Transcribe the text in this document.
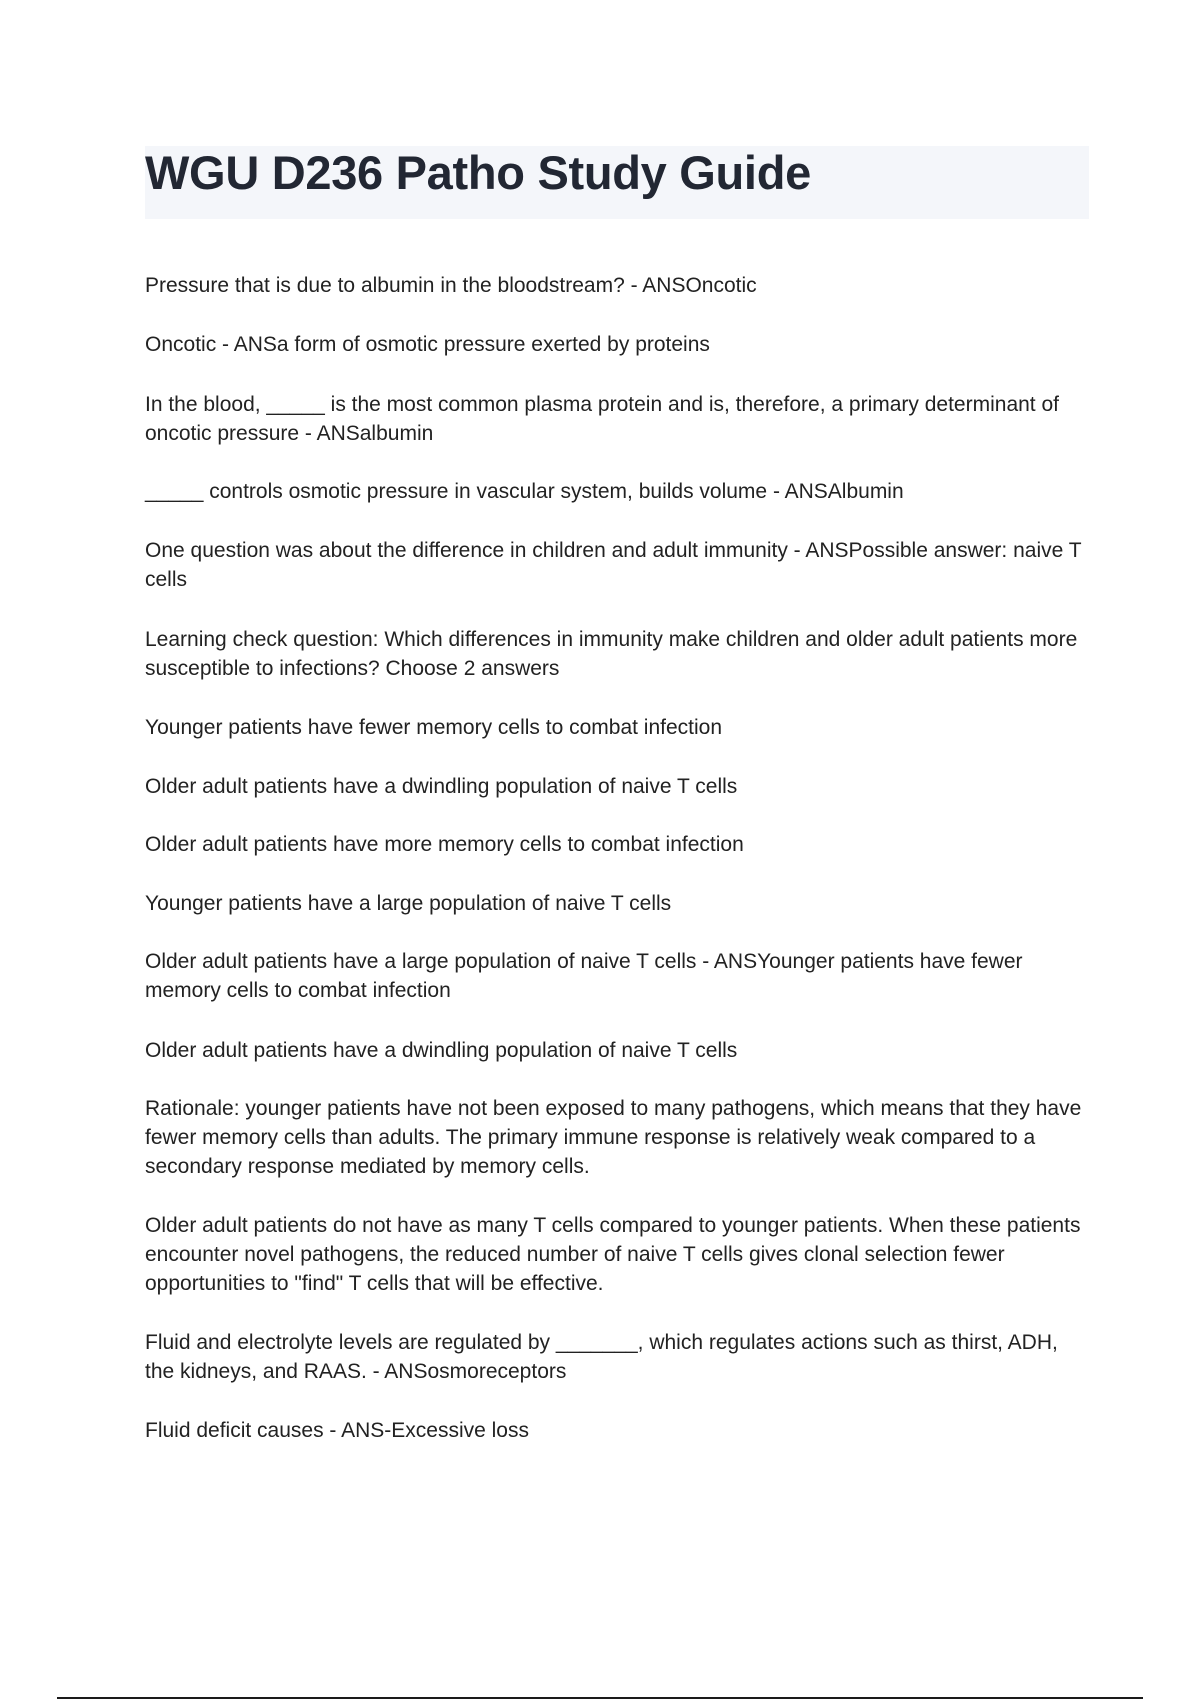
WGU D236 Patho Study Guide

Pressure that is due to albumin in the bloodstream? - ANSOncotic

Oncotic - ANSa form of osmotic pressure exerted by proteins

In the blood, _____ is the most common plasma protein and is, therefore, a primary determinant of oncotic pressure - ANSalbumin

_____ controls osmotic pressure in vascular system, builds volume - ANSAlbumin

One question was about the difference in children and adult immunity - ANSPossible answer: naive T cells

Learning check question: Which differences in immunity make children and older adult patients more susceptible to infections? Choose 2 answers

Younger patients have fewer memory cells to combat infection

Older adult patients have a dwindling population of naive T cells

Older adult patients have more memory cells to combat infection

Younger patients have a large population of naive T cells

Older adult patients have a large population of naive T cells - ANSYounger patients have fewer memory cells to combat infection

Older adult patients have a dwindling population of naive T cells

Rationale: younger patients have not been exposed to many pathogens, which means that they have fewer memory cells than adults. The primary immune response is relatively weak compared to a secondary response mediated by memory cells.

Older adult patients do not have as many T cells compared to younger patients. When these patients encounter novel pathogens, the reduced number of naive T cells gives clonal selection fewer opportunities to "find" T cells that will be effective.

Fluid and electrolyte levels are regulated by _______, which regulates actions such as thirst, ADH, the kidneys, and RAAS. - ANSosmoreceptors

Fluid deficit causes - ANS-Excessive loss
